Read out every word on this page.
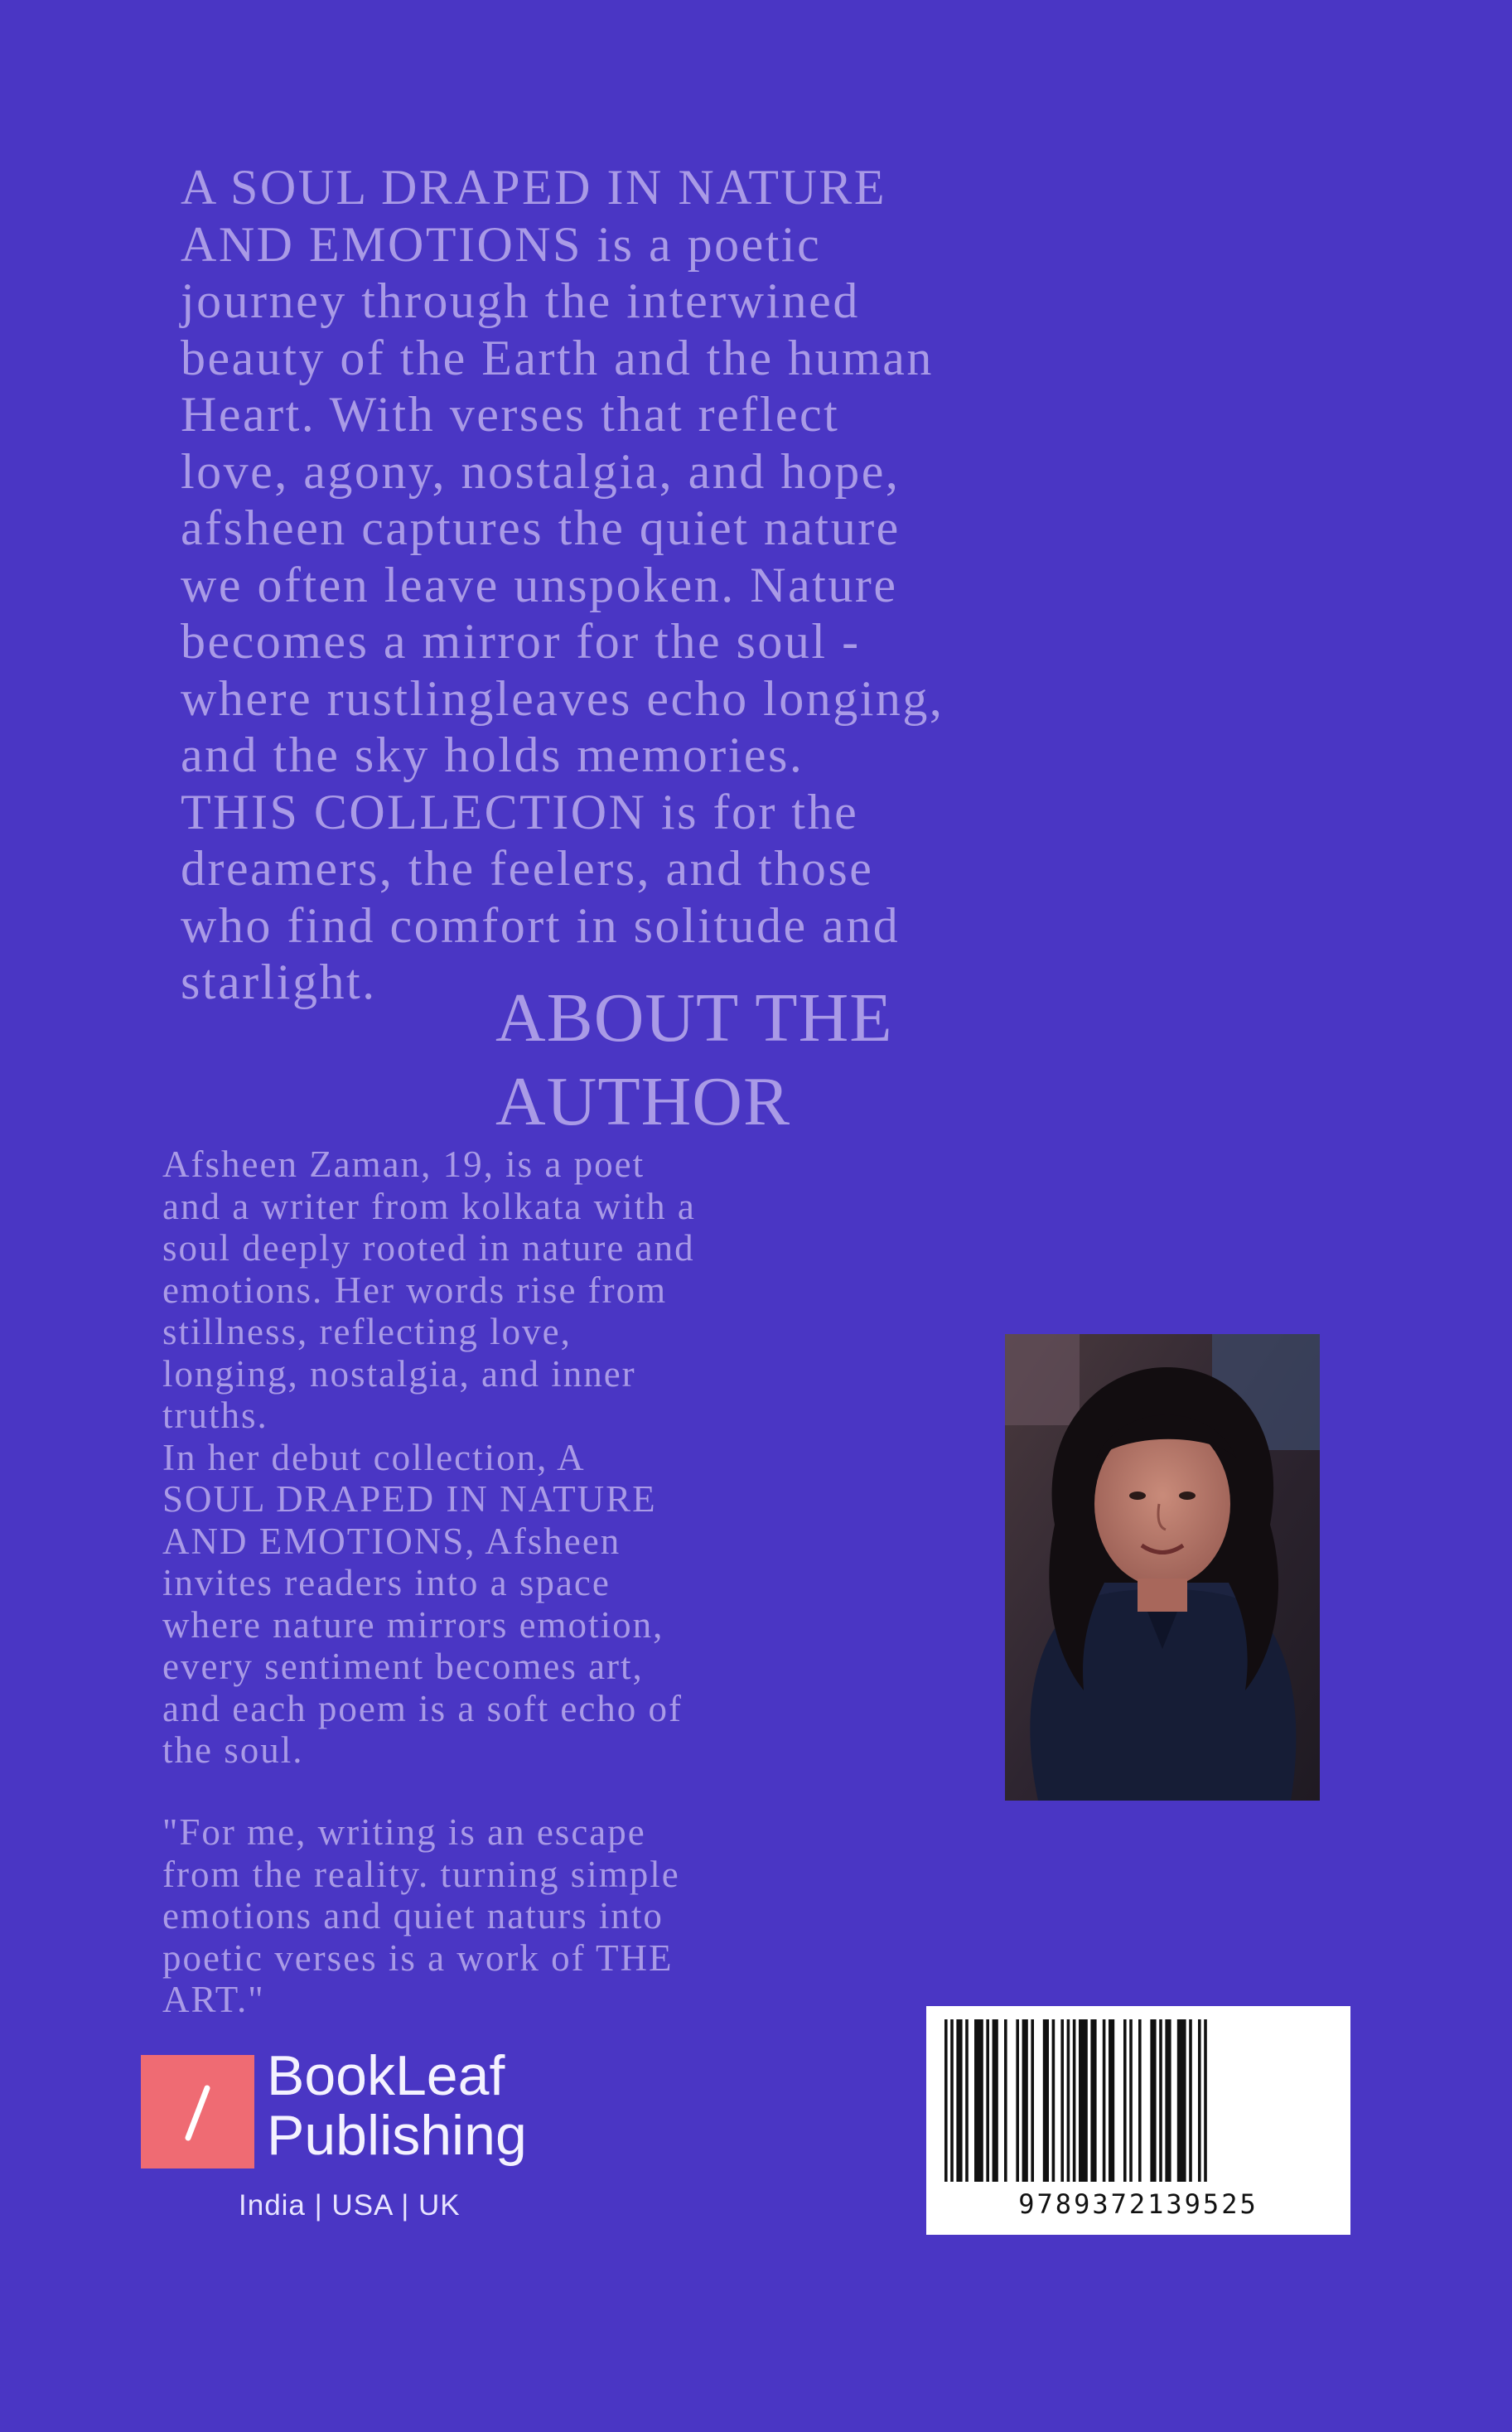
A SOUL DRAPED IN NATURE
AND EMOTIONS is a poetic
journey through the interwined
beauty of the Earth and the human
Heart. With verses that reflect
love, agony, nostalgia, and hope,
afsheen captures the quiet nature
we often leave unspoken. Nature
becomes a mirror for the soul -
where rustlingleaves echo longing,
and the sky holds memories.
THIS COLLECTION is for the
dreamers, the feelers, and those
who find comfort in solitude and
starlight.	ABOUT THE
AUTHOR

Afsheen Zaman, 19, is a poet
and a writer from kolkata with a
soul deeply rooted in nature and
emotions. Her words rise from
stillness, reflecting love,
longing, nostalgia, and inner
truths.
In her debut collection, A
SOUL DRAPED IN NATURE
AND EMOTIONS, Afsheen
invites readers into a space
where nature mirrors emotion,
every sentiment becomes art,
and each poem is a soft echo of
the soul.

"For me, writing is an escape
from the reality. turning simple
emotions and quiet naturs into
poetic verses is a work of THE
ART."

BookLeaf
Publishing
India | USA | UK	9789372139525
